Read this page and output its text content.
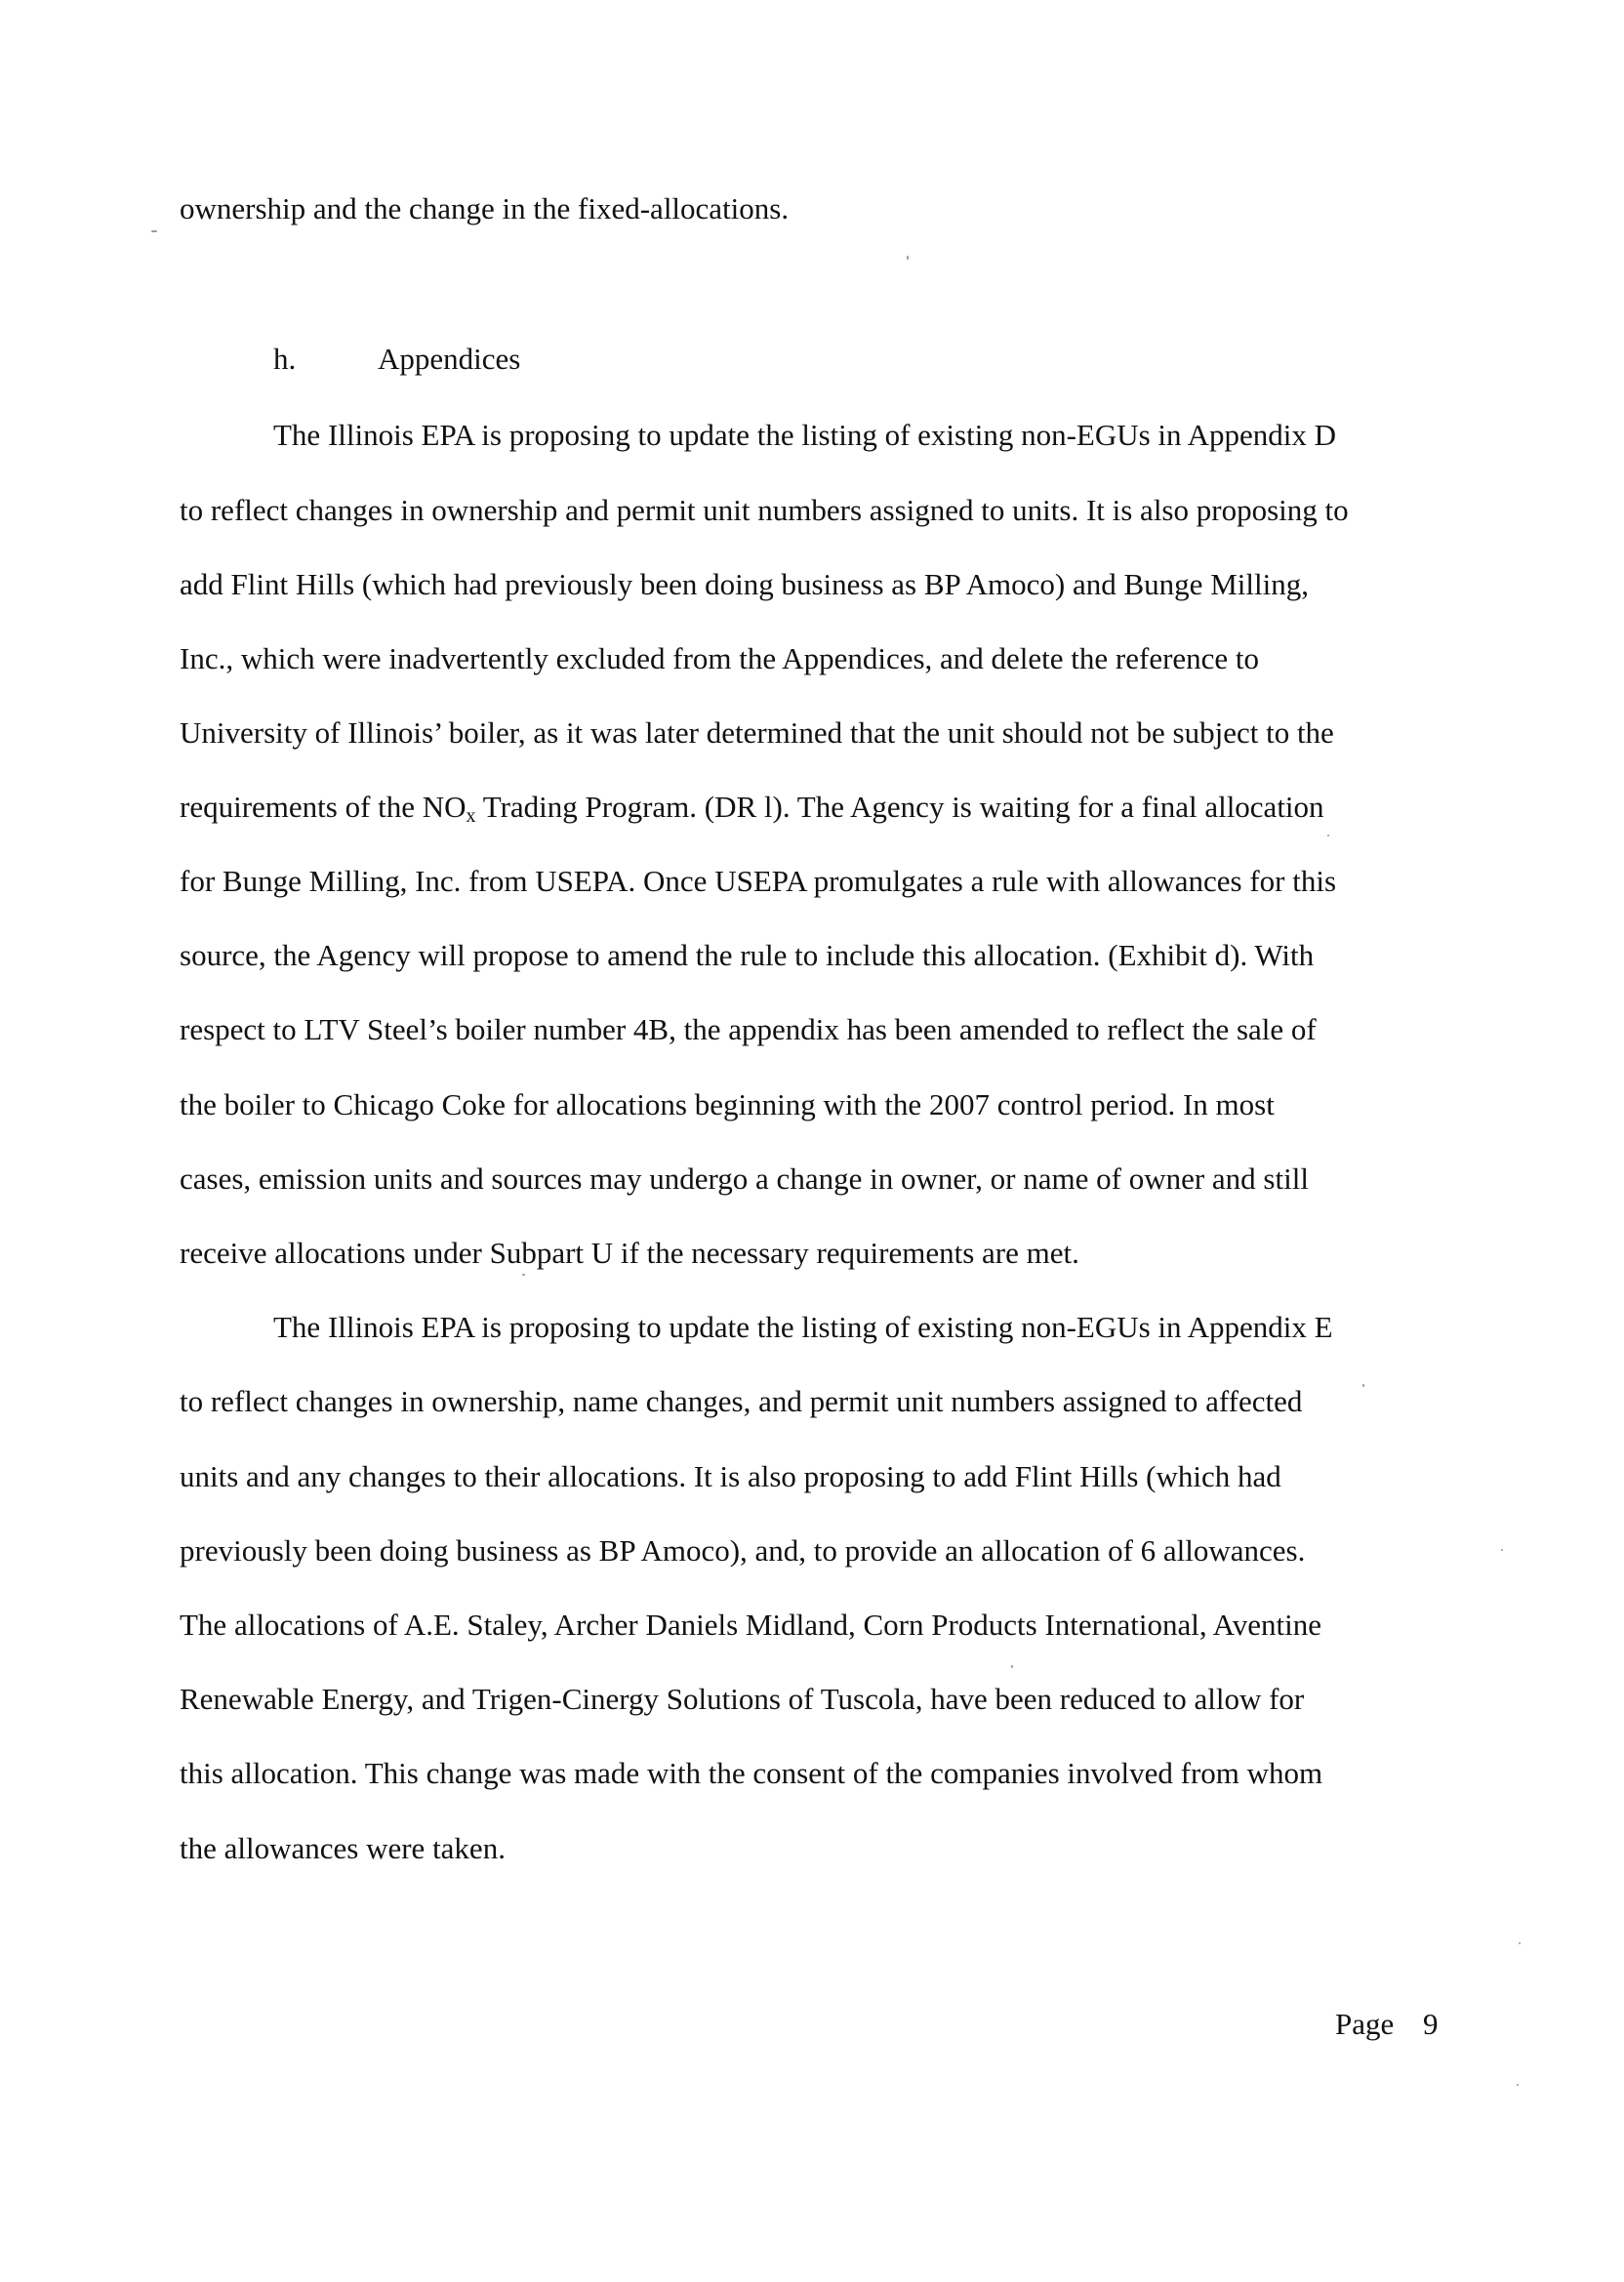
ownership and the change in the fixed-allocations.
h.	Appendices
The Illinois EPA is proposing to update the listing of existing non-EGUs in Appendix D
to reflect changes in ownership and permit unit numbers assigned to units. It is also proposing to
add Flint Hills (which had previously been doing business as BP Amoco) and Bunge Milling,
Inc., which were inadvertently excluded from the Appendices, and delete the reference to
University of Illinois’ boiler, as it was later determined that the unit should not be subject to the
requirements of the $NO_x$ Trading Program. (DR l). The Agency is waiting for a final allocation
for Bunge Milling, Inc. from USEPA. Once USEPA promulgates a rule with allowances for this
source, the Agency will propose to amend the rule to include this allocation. (Exhibit d). With
respect to LTV Steel’s boiler number 4B, the appendix has been amended to reflect the sale of
the boiler to Chicago Coke for allocations beginning with the 2007 control period. In most
cases, emission units and sources may undergo a change in owner, or name of owner and still
receive allocations under Subpart U if the necessary requirements are met.
The Illinois EPA is proposing to update the listing of existing non-EGUs in Appendix E
to reflect changes in ownership, name changes, and permit unit numbers assigned to affected
units and any changes to their allocations. It is also proposing to add Flint Hills (which had
previously been doing business as BP Amoco), and, to provide an allocation of 6 allowances.
The allocations of A.E. Staley, Archer Daniels Midland, Corn Products International, Aventine
Renewable Energy, and Trigen-Cinergy Solutions of Tuscola, have been reduced to allow for
this allocation. This change was made with the consent of the companies involved from whom
the allowances were taken.
Page 9
